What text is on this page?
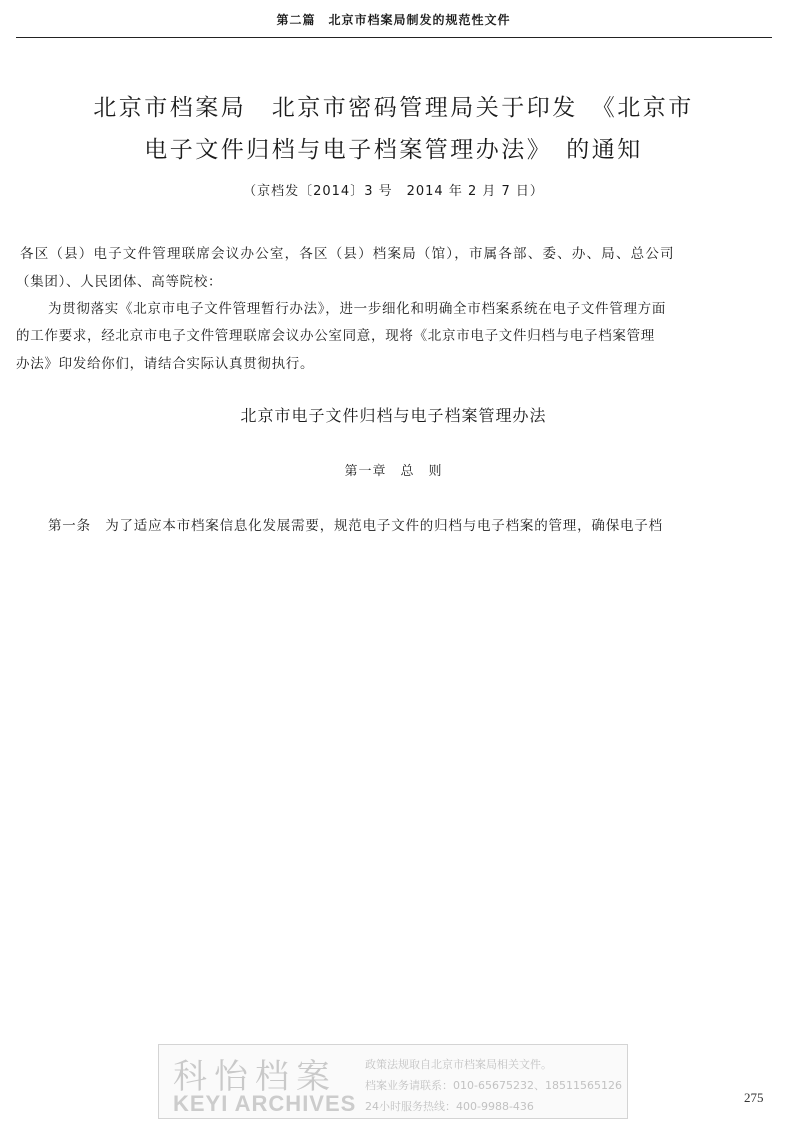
第二篇　北京市档案局制发的规范性文件
北京市档案局　北京市密码管理局关于印发　《北京市
电子文件归档与电子档案管理办法》　的通知
（京档发〔2014〕3 号　2014 年 2 月 7 日）
各区（县）电子文件管理联席会议办公室，各区（县）档案局（馆），市属各部、委、办、局、总公司
（集团）、人民团体、高等院校：
为贯彻落实《北京市电子文件管理暂行办法》，进一步细化和明确全市档案系统在电子文件管理方面
的工作要求，经北京市电子文件管理联席会议办公室同意，现将《北京市电子文件归档与电子档案管理
办法》印发给你们，请结合实际认真贯彻执行。
北京市电子文件归档与电子档案管理办法
第一章　总　则
第一条　为了适应本市档案信息化发展需要，规范电子文件的归档与电子档案的管理，确保电子档
科怡档案
KEYI ARCHIVES
政策法规取自北京市档案局相关文件。
档案业务请联系：010-65675232、18511565126
24小时服务热线：400-9988-436
275
